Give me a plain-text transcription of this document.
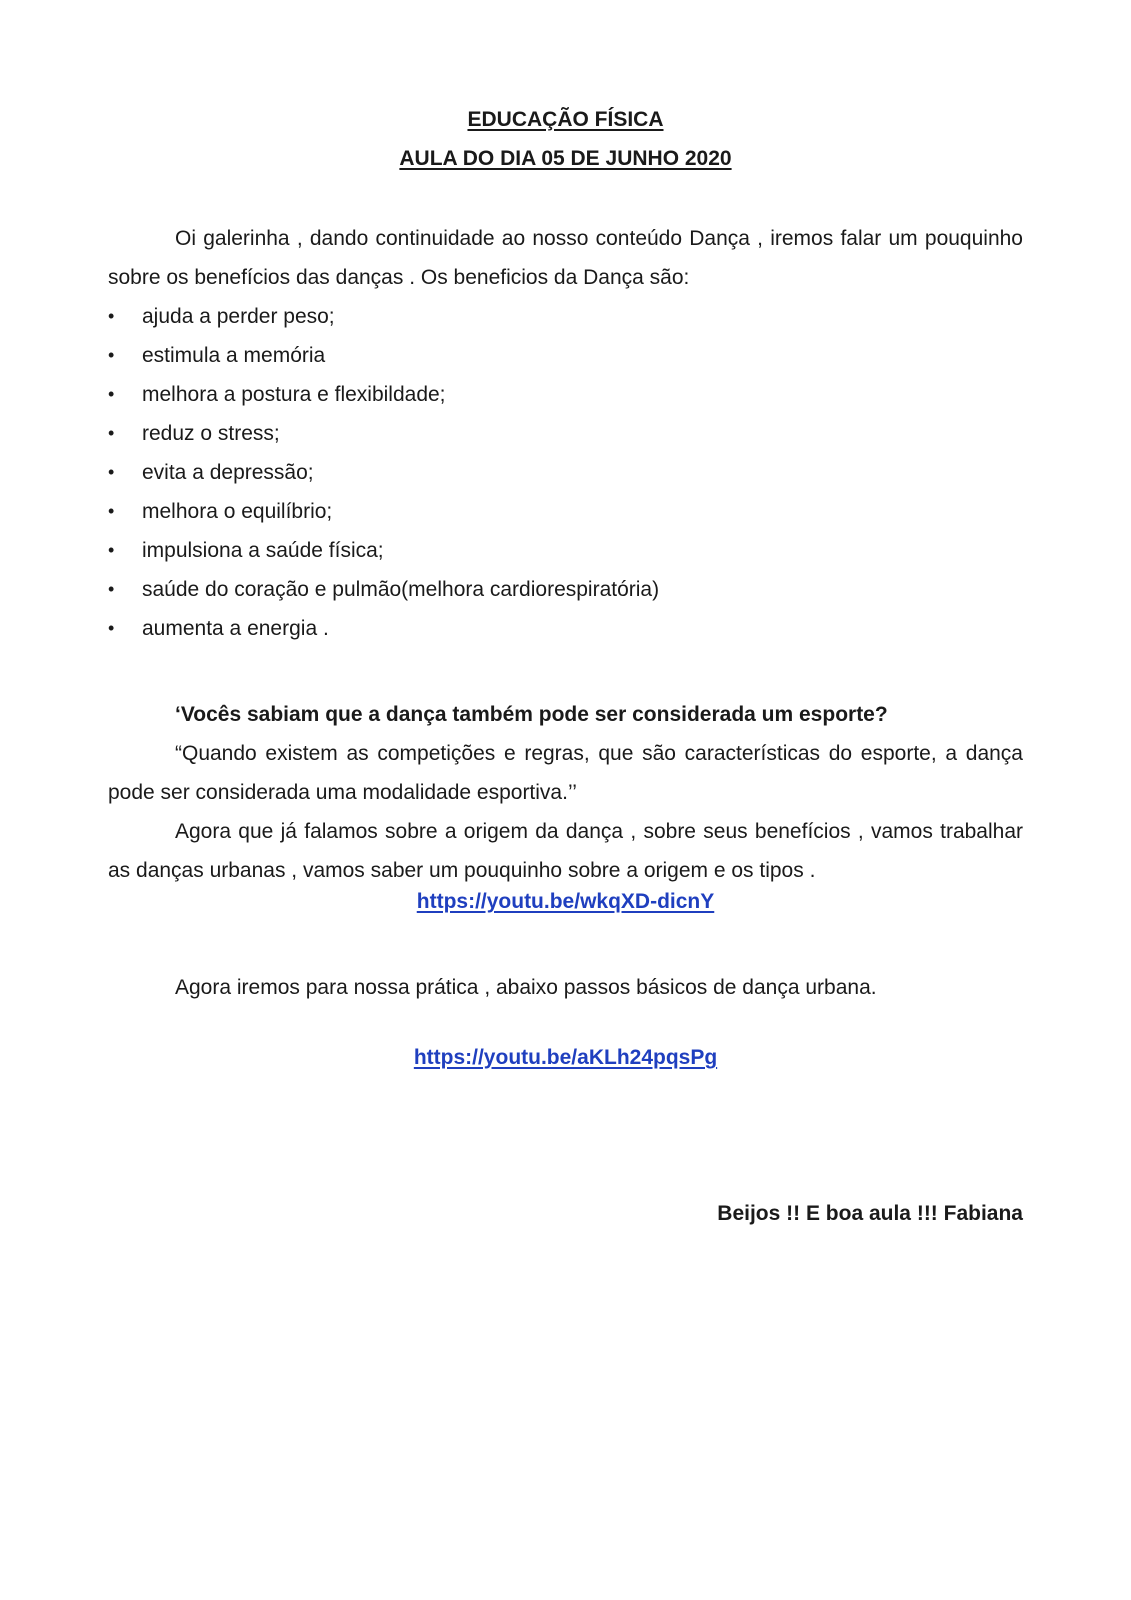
EDUCAÇÃO FÍSICA

AULA DO DIA 05 DE JUNHO 2020

Oi galerinha , dando continuidade ao nosso conteúdo Dança , iremos falar um pouquinho sobre os benefícios das danças . Os beneficios da Dança são:

• ajuda a perder peso;
• estimula a memória
• melhora a postura e flexibildade;
• reduz o stress;
• evita a depressão;
• melhora o equilíbrio;
• impulsiona a saúde física;
• saúde do coração e pulmão(melhora cardiorespiratória)
• aumenta a energia .

‘Vocês sabiam que a dança também pode ser considerada um esporte?

“Quando existem as competições e regras, que são características do esporte, a dança pode ser considerada uma modalidade esportiva.’’

Agora que já falamos sobre a origem da dança , sobre seus benefícios , vamos trabalhar as danças urbanas , vamos saber um pouquinho sobre a origem e os tipos .

https://youtu.be/wkqXD-dicnY

Agora iremos para nossa prática , abaixo passos básicos de dança urbana.

https://youtu.be/aKLh24pqsPg

Beijos !! E boa aula !!! Fabiana
